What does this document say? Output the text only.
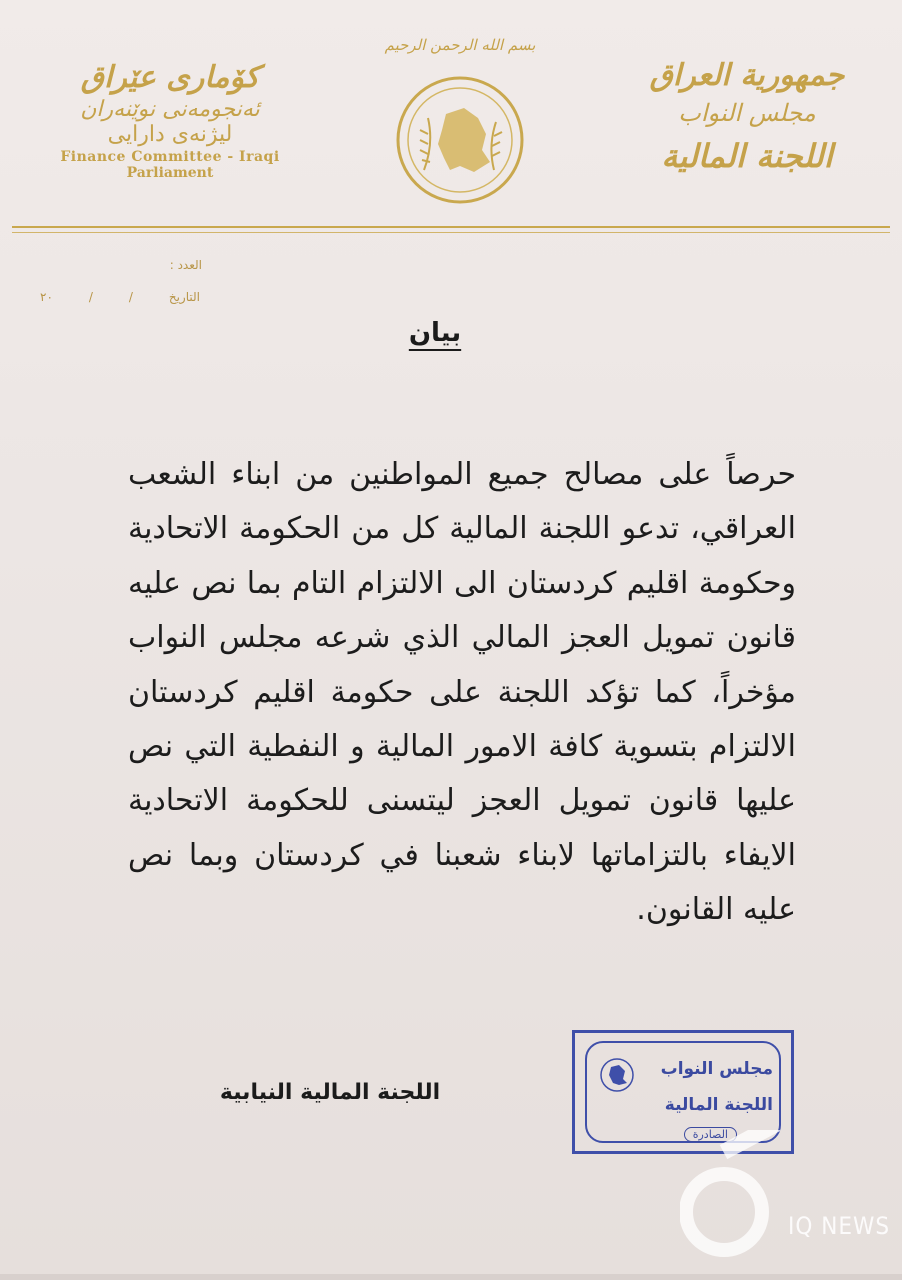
کۆماری عێراق
ئەنجومەنی نوێنەران
لیژنەی دارایی
Finance Committee - Iraqi
Parliament
بسم الله الرحمن الرحيم
جمهورية العراق
مجلس النواب
اللجنة المالية
العدد :
التاريخ
/
/
٢٠
بيان
حرصاً على مصالح جميع المواطنين من ابناء الشعب العراقي، تدعو اللجنة المالية كل من الحكومة الاتحادية وحكومة اقليم كردستان الى الالتزام التام بما نص عليه قانون تمويل العجز المالي الذي شرعه مجلس النواب مؤخراً، كما تؤكد اللجنة على حكومة اقليم كردستان الالتزام بتسوية كافة الامور المالية و النفطية التي نص عليها قانون تمويل العجز ليتسنى للحكومة الاتحادية الايفاء بالتزاماتها لابناء شعبنا في كردستان وبما نص عليه القانون.
اللجنة المالية النيابية
مجلس النواب
اللجنة المالية
الصادرة
IQ NEWS
